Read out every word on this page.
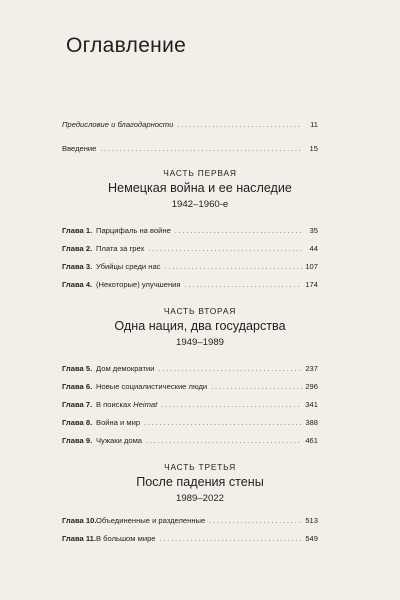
Оглавление
Предисловие и благодарности . . .	11
Введение . . .	15
ЧАСТЬ ПЕРВАЯ
Немецкая война и ее наследие
1942–1960-е
Глава 1. Парцифаль на войне . . .	35
Глава 2. Плата за грех . . .	44
Глава 3. Убийцы среди нас . . .	107
Глава 4. (Некоторые) улучшения . . .	174
ЧАСТЬ ВТОРАЯ
Одна нация, два государства
1949–1989
Глава 5. Дом демократии . . .	237
Глава 6. Новые социалистические люди . . .	296
Глава 7. В поисках Heimat . . .	341
Глава 8. Война и мир . . .	388
Глава 9. Чужаки дома . . .	461
ЧАСТЬ ТРЕТЬЯ
После падения стены
1989–2022
Глава 10.Объединенные и разделенные . . .	513
Глава 11.В большом мире . . .	549
